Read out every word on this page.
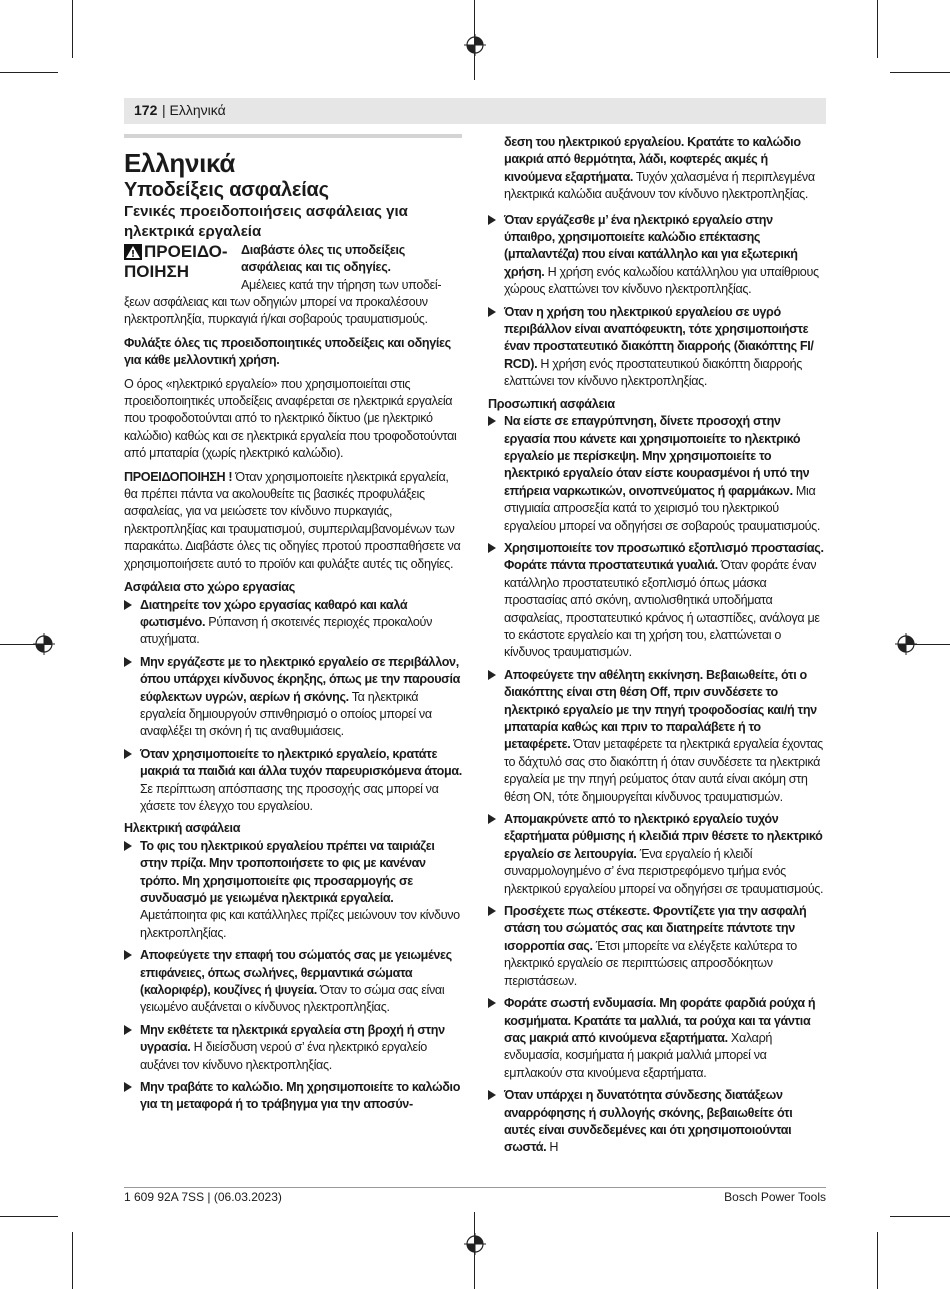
172 | Ελληνικά

Ελληνικά

Υποδείξεις ασφαλείας

Γενικές προειδοποιήσεις ασφάλειας για ηλεκτρικά εργαλεία

ΠΡΟΕΙΔΟ-ΠΟΙΗΣΗ
Διαβάστε όλες τις υποδείξεις ασφάλειας και τις οδηγίες.
Αμέλειες κατά την τήρηση των υποδεί-

ξεων ασφάλειας και των οδηγιών μπορεί να προκαλέσουν ηλεκτροπληξία, πυρκαγιά ή/και σοβαρούς τραυματισμούς.

Φυλάξτε όλες τις προειδοποιητικές υποδείξεις και οδηγίες για κάθε μελλοντική χρήση.

Ο όρος «ηλεκτρικό εργαλείο» που χρησιμοποιείται στις προειδοποιητικές υποδείξεις αναφέρεται σε ηλεκτρικά εργαλεία που τροφοδοτούνται από το ηλεκτρικό δίκτυο (με ηλεκτρικό καλώδιο) καθώς και σε ηλεκτρικά εργαλεία που τροφοδοτούνται από μπαταρία (χωρίς ηλεκτρικό καλώδιο).

ΠΡΟΕΙΔΟΠΟΙΗΣΗ ! Όταν χρησιμοποιείτε ηλεκτρικά εργαλεία, θα πρέπει πάντα να ακολουθείτε τις βασικές προφυλάξεις ασφαλείας, για να μειώσετε τον κίνδυνο πυρκαγιάς, ηλεκτροπληξίας και τραυματισμού, συμπεριλαμβανομένων των παρακάτω. Διαβάστε όλες τις οδηγίες προτού προσπαθήσετε να χρησιμοποιήσετε αυτό το προϊόν και φυλάξτε αυτές τις οδηγίες.

Ασφάλεια στο χώρο εργασίας

Διατηρείτε τον χώρο εργασίας καθαρό και καλά φωτισμένο. Ρύπανση ή σκοτεινές περιοχές προκαλούν ατυχήματα.
Μην εργάζεστε με το ηλεκτρικό εργαλείο σε περιβάλλον, όπου υπάρχει κίνδυνος έκρηξης, όπως με την παρουσία εύφλεκτων υγρών, αερίων ή σκόνης. Τα ηλεκτρικά εργαλεία δημιουργούν σπινθηρισμό ο οποίος μπορεί να αναφλέξει τη σκόνη ή τις αναθυμιάσεις.
Όταν χρησιμοποιείτε το ηλεκτρικό εργαλείο, κρατάτε μακριά τα παιδιά και άλλα τυχόν παρευρισκόμενα άτομα. Σε περίπτωση απόσπασης της προσοχής σας μπορεί να χάσετε τον έλεγχο του εργαλείου.

Ηλεκτρική ασφάλεια

Το φις του ηλεκτρικού εργαλείου πρέπει να ταιριάζει στην πρίζα. Μην τροποποιήσετε το φις με κανέναν τρόπο. Μη χρησιμοποιείτε φις προσαρμογής σε συνδυασμό με γειωμένα ηλεκτρικά εργαλεία. Αμετάποιητα φις και κατάλληλες πρίζες μειώνουν τον κίνδυνο ηλεκτροπληξίας.
Αποφεύγετε την επαφή του σώματός σας με γειωμένες επιφάνειες, όπως σωλήνες, θερμαντικά σώματα (καλοριφέρ), κουζίνες ή ψυγεία. Όταν το σώμα σας είναι γειωμένο αυξάνεται ο κίνδυνος ηλεκτροπληξίας.
Μην εκθέτετε τα ηλεκτρικά εργαλεία στη βροχή ή στην υγρασία. Η διείσδυση νερού σ’ ένα ηλεκτρικό εργαλείο αυξάνει τον κίνδυνο ηλεκτροπληξίας.
Μην τραβάτε το καλώδιο. Μη χρησιμοποιείτε το καλώδιο για τη μεταφορά ή το τράβηγμα για την αποσύν-
δεση του ηλεκτρικού εργαλείου. Κρατάτε το καλώδιο μακριά από θερμότητα, λάδι, κοφτερές ακμές ή κινούμενα εξαρτήματα. Τυχόν χαλασμένα ή περιπλεγμένα ηλεκτρικά καλώδια αυξάνουν τον κίνδυνο ηλεκτροπληξίας.
Όταν εργάζεσθε μ’ ένα ηλεκτρικό εργαλείο στην ύπαιθρο, χρησιμοποιείτε καλώδιο επέκτασης (μπαλαντέζα) που είναι κατάλληλο και για εξωτερική χρήση. Η χρήση ενός καλωδίου κατάλληλου για υπαίθριους χώρους ελαττώνει τον κίνδυνο ηλεκτροπληξίας.
Όταν η χρήση του ηλεκτρικού εργαλείου σε υγρό περιβάλλον είναι αναπόφευκτη, τότε χρησιμοποιήστε έναν προστατευτικό διακόπτη διαρροής (διακόπτης FI/ RCD). Η χρήση ενός προστατευτικού διακόπτη διαρροής ελαττώνει τον κίνδυνο ηλεκτροπληξίας.

Προσωπική ασφάλεια

Να είστε σε επαγρύπνηση, δίνετε προσοχή στην εργασία που κάνετε και χρησιμοποιείτε το ηλεκτρικό εργαλείο με περίσκεψη. Μην χρησιμοποιείτε το ηλεκτρικό εργαλείο όταν είστε κουρασμένοι ή υπό την επήρεια ναρκωτικών, οινοπνεύματος ή φαρμάκων. Μια στιγμιαία απροσεξία κατά το χειρισμό του ηλεκτρικού εργαλείου μπορεί να οδηγήσει σε σοβαρούς τραυματισμούς.
Χρησιμοποιείτε τον προσωπικό εξοπλισμό προστασίας. Φοράτε πάντα προστατευτικά γυαλιά. Όταν φοράτε έναν κατάλληλο προστατευτικό εξοπλισμό όπως μάσκα προστασίας από σκόνη, αντιολισθητικά υποδήματα ασφαλείας, προστατευτικό κράνος ή ωτασπίδες, ανάλογα με το εκάστοτε εργαλείο και τη χρήση του, ελαττώνεται ο κίνδυνος τραυματισμών.
Αποφεύγετε την αθέλητη εκκίνηση. Βεβαιωθείτε, ότι ο διακόπτης είναι στη θέση Off, πριν συνδέσετε το ηλεκτρικό εργαλείο με την πηγή τροφοδοσίας και/ή την μπαταρία καθώς και πριν το παραλάβετε ή το μεταφέρετε. Όταν μεταφέρετε τα ηλεκτρικά εργαλεία έχοντας το δάχτυλό σας στο διακόπτη ή όταν συνδέσετε τα ηλεκτρικά εργαλεία με την πηγή ρεύματος όταν αυτά είναι ακόμη στη θέση ON, τότε δημιουργείται κίνδυνος τραυματισμών.
Απομακρύνετε από το ηλεκτρικό εργαλείο τυχόν εξαρτήματα ρύθμισης ή κλειδιά πριν θέσετε το ηλεκτρικό εργαλείο σε λειτουργία. Ένα εργαλείο ή κλειδί συναρμολογημένο σ’ ένα περιστρεφόμενο τμήμα ενός ηλεκτρικού εργαλείου μπορεί να οδηγήσει σε τραυματισμούς.
Προσέχετε πως στέκεστε. Φροντίζετε για την ασφαλή στάση του σώματός σας και διατηρείτε πάντοτε την ισορροπία σας. Έτσι μπορείτε να ελέγξετε καλύτερα το ηλεκτρικό εργαλείο σε περιπτώσεις απροσδόκητων περιστάσεων.
Φοράτε σωστή ενδυμασία. Μη φοράτε φαρδιά ρούχα ή κοσμήματα. Κρατάτε τα μαλλιά, τα ρούχα και τα γάντια σας μακριά από κινούμενα εξαρτήματα. Χαλαρή ενδυμασία, κοσμήματα ή μακριά μαλλιά μπορεί να εμπλακούν στα κινούμενα εξαρτήματα.
Όταν υπάρχει η δυνατότητα σύνδεσης διατάξεων αναρρόφησης ή συλλογής σκόνης, βεβαιωθείτε ότι αυτές είναι συνδεδεμένες και ότι χρησιμοποιούνται σωστά. Η
1 609 92A 7SS | (06.03.2023)	Bosch Power Tools
